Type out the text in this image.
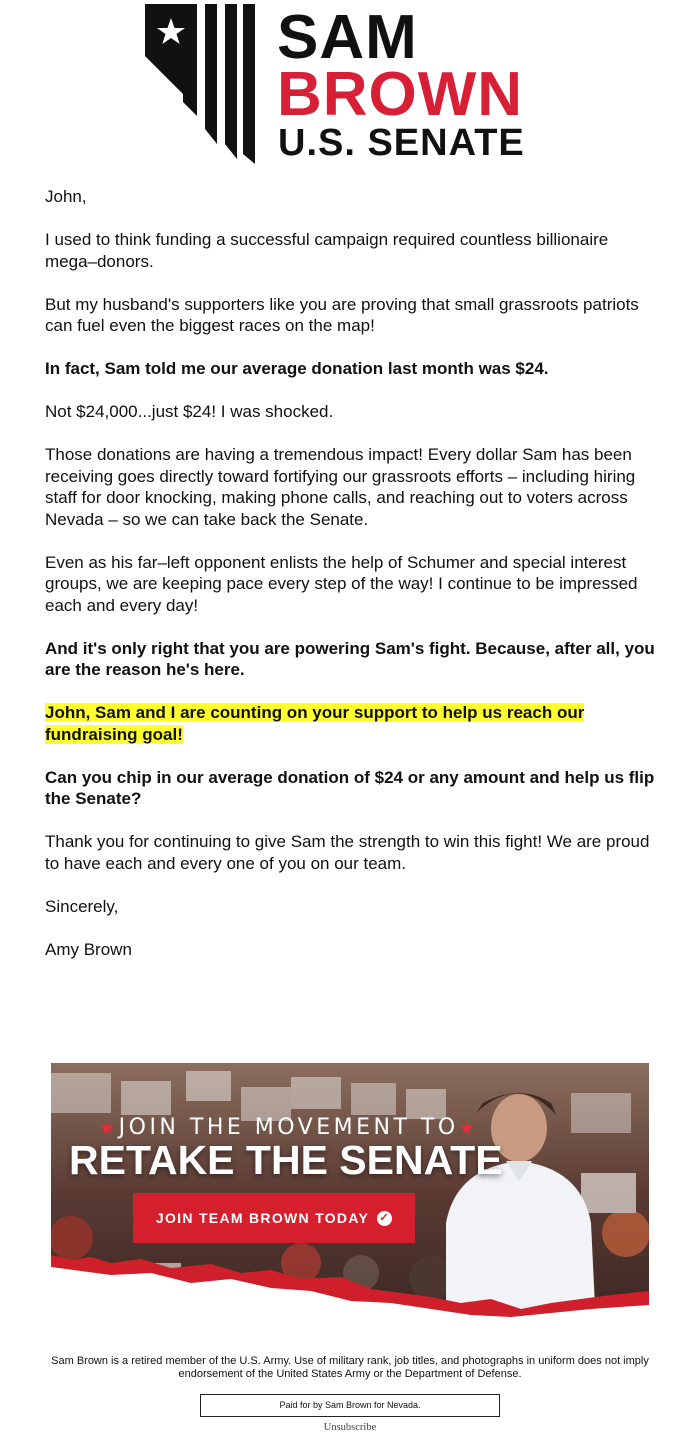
SAM
BROWN
U.S. SENATE

John,

I used to think funding a successful campaign required countless billionaire mega–donors.

But my husband's supporters like you are proving that small grassroots patriots can fuel even the biggest races on the map!

In fact, Sam told me our average donation last month was $24.

Not $24,000...just $24! I was shocked.

Those donations are having a tremendous impact! Every dollar Sam has been receiving goes directly toward fortifying our grassroots efforts – including hiring staff for door knocking, making phone calls, and reaching out to voters across Nevada – so we can take back the Senate.

Even as his far–left opponent enlists the help of Schumer and special interest groups, we are keeping pace every step of the way! I continue to be impressed each and every day!

And it's only right that you are powering Sam's fight. Because, after all, you are the reason he's here.

John, Sam and I are counting on your support to help us reach our fundraising goal!

Can you chip in our average donation of $24 or any amount and help us flip the Senate?

Thank you for continuing to give Sam the strength to win this fight! We are proud to have each and every one of you on our team.

Sincerely,

Amy Brown

★JOIN THE MOVEMENT TO★
RETAKE THE SENATE
JOIN TEAM BROWN TODAY ✓
Sam Brown is a retired member of the U.S. Army. Use of military rank, job titles, and photographs in uniform does not imply endorsement of the United States Army or the Department of Defense.
Paid for by Sam Brown for Nevada.
Unsubscribe
